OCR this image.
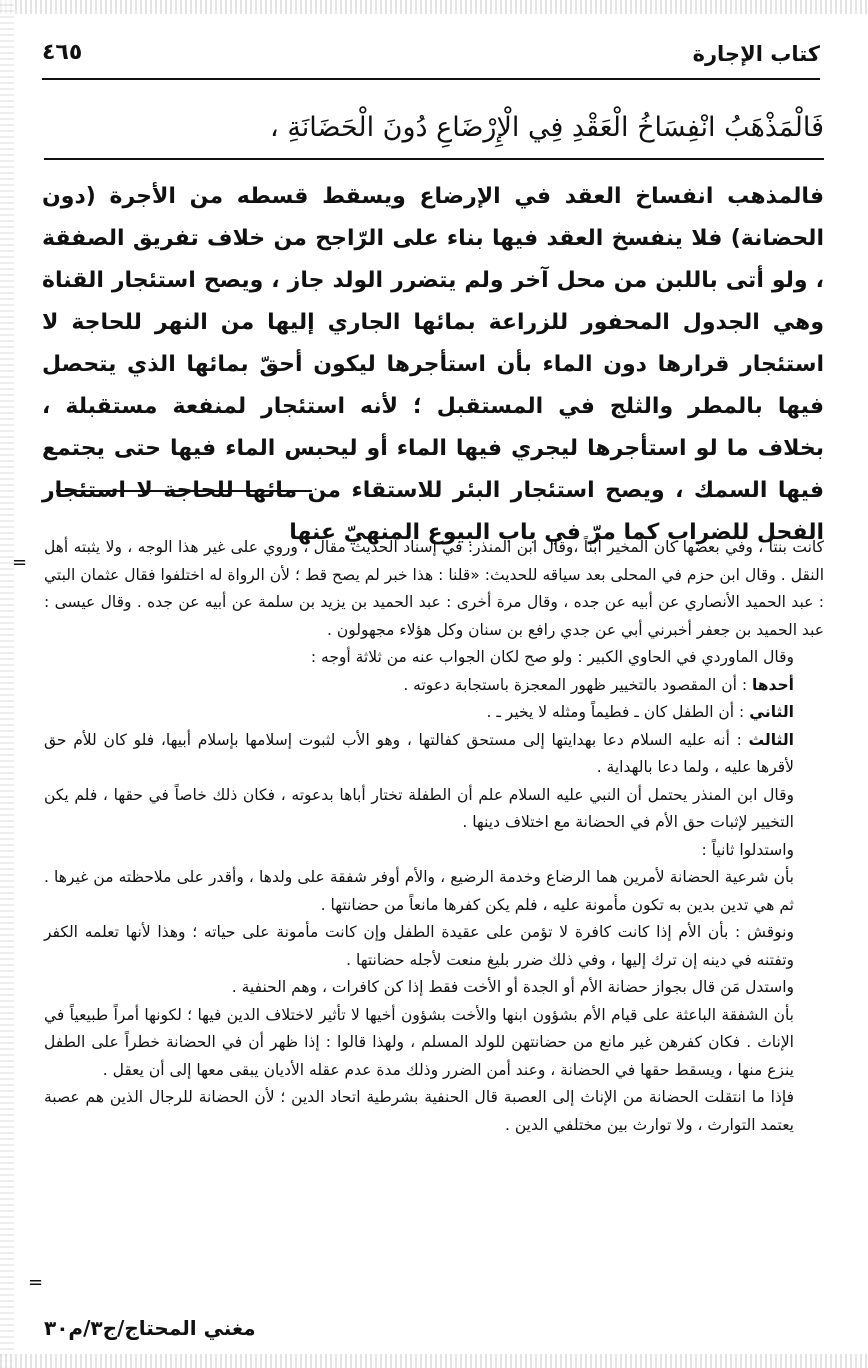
كتاب الإجارة
٤٦٥
فَالْمَذْهَبُ انْفِسَاخُ الْعَقْدِ فِي الْإِرْضَاعِ دُونَ الْحَضَانَةِ ،
فالمذهب انفساخ العقد في الإرضاع ويسقط قسطه من الأجرة (دون الحضانة) فلا ينفسخ العقد فيها بناء على الرّاجح من خلاف تفريق الصفقة ، ولو أتى باللبن من محل آخر ولم يتضرر الولد جاز ، ويصح استئجار القناة وهي الجدول المحفور للزراعة بمائها الجاري إليها من النهر للحاجة لا استئجار قرارها دون الماء بأن استأجرها ليكون أحقّ بمائها الذي يتحصل فيها بالمطر والثلج في المستقبل ؛ لأنه استئجار لمنفعة مستقبلة ، بخلاف ما لو استأجرها ليجري فيها الماء أو ليحبس الماء فيها حتى يجتمع فيها السمك ، ويصح استئجار البئر للاستقاء من مائها للحاجة لا استئجار الفحل للضراب كما مرّ في باب البيوع المنهيّ عنها
=

كانت بنتاً ، وفي بعضها كان المخير ابناً ،وقال ابن المنذر: في إسناد الحديث مقال ، وروي على غير هذا الوجه ، ولا يثبته أهل النقل . وقال ابن حزم في المحلى بعد سياقه للحديث: «قلنا : هذا خبر لم يصح قط ؛ لأن الرواة له اختلفوا فقال عثمان البتي : عبد الحميد الأنصاري عن أبيه عن جده ، وقال مرة أخرى : عبد الحميد بن يزيد بن سلمة عن أبيه عن جده . وقال عيسى : عبد الحميد بن جعفر أخبرني أبي عن جدي رافع بن سنان وكل هؤلاء مجهولون .

وقال الماوردي في الحاوي الكبير : ولو صح لكان الجواب عنه من ثلاثة أوجه :

أحدها : أن المقصود بالتخيير ظهور المعجزة باستجابة دعوته .

الثاني : أن الطفل كان ـ فطيماً ومثله لا يخير ـ .

الثالث : أنه عليه السلام دعا بهدايتها إلى مستحق كفالتها ، وهو الأب لثبوت إسلامها بإسلام أبيها، فلو كان للأم حق لأقرها عليه ، ولما دعا بالهداية .

وقال ابن المنذر يحتمل أن النبي عليه السلام علم أن الطفلة تختار أباها بدعوته ، فكان ذلك خاصاً في حقها ، فلم يكن التخيير لإثبات حق الأم في الحضانة مع اختلاف دينها .

واستدلوا ثانياً :

بأن شرعية الحضانة لأمرين هما الرضاع وخدمة الرضيع ، والأم أوفر شفقة على ولدها ، وأقدر على ملاحظته من غيرها . ثم هي تدين بدين به تكون مأمونة عليه ، فلم يكن كفرها مانعاً من حضانتها .

ونوقش : بأن الأم إذا كانت كافرة لا تؤمن على عقيدة الطفل وإن كانت مأمونة على حياته ؛ وهذا لأنها تعلمه الكفر وتفتنه في دينه إن ترك إليها ، وفي ذلك ضرر بليغ منعت لأجله حضانتها .

واستدل مَن قال بجواز حضانة الأم أو الجدة أو الأخت فقط إذا كن كافرات ، وهم الحنفية .

بأن الشفقة الباعثة على قيام الأم بشؤون ابنها والأخت بشؤون أخيها لا تأثير لاختلاف الدين فيها ؛ لكونها أمراً طبيعياً في الإناث . فكان كفرهن غير مانع من حضانتهن للولد المسلم ، ولهذا قالوا : إذا ظهر أن في الحضانة خطراً على الطفل ينزع منها ، ويسقط حقها في الحضانة ، وعند أمن الضرر وذلك مدة عدم عقله الأديان يبقى معها إلى أن يعقل .

فإذا ما انتقلت الحضانة من الإناث إلى العصبة قال الحنفية بشرطية اتحاد الدين ؛ لأن الحضانة للرجال الذين هم عصبة يعتمد التوارث ، ولا توارث بين مختلفي الدين .

=
مغني المحتاج/ج٣/م٣٠
